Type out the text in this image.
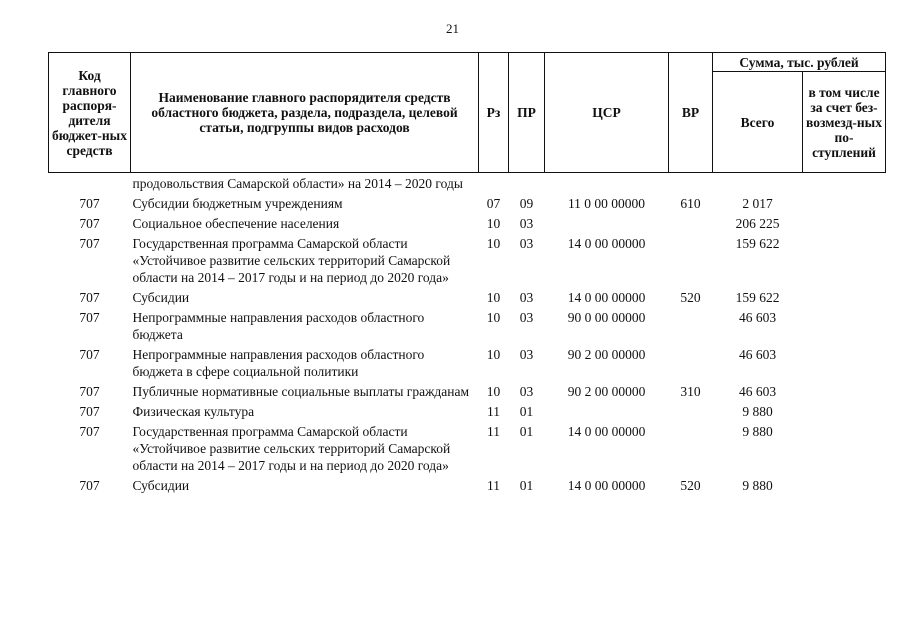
21
Код главного распоря-дителя бюджет-ных средств	Наименование главного распорядителя средств областного бюджета, раздела, подраздела, целевой статьи, подгруппы видов расходов	Рз	ПР	ЦСР	ВР	Сумма, тыс. рублей	
						Всего	в том числе за счет без-возмезд-ных по-ступлений
	продовольствия Самарской области» на 2014 – 2020 годы						
707	Субсидии бюджетным учреждениям	07	09	11 0 00 00000	610	2 017	
707	Социальное обеспечение населения	10	03			206 225	
707	Государственная программа Самарской области «Устойчивое развитие сельских территорий Самарской области на 2014 – 2017 годы и на период до 2020 года»	10	03	14 0 00 00000		159 622	
707	Субсидии	10	03	14 0 00 00000	520	159 622	
707	Непрограммные направления расходов областного бюджета	10	03	90 0 00 00000		46 603	
707	Непрограммные направления расходов областного бюджета в сфере социальной политики	10	03	90 2 00 00000		46 603	
707	Публичные нормативные социальные выплаты гражданам	10	03	90 2 00 00000	310	46 603	
707	Физическая культура	11	01			9 880	
707	Государственная программа Самарской области «Устойчивое развитие сельских территорий Самарской области на 2014 – 2017 годы и на период до 2020 года»	11	01	14 0 00 00000		9 880	
707	Субсидии	11	01	14 0 00 00000	520	9 880	
